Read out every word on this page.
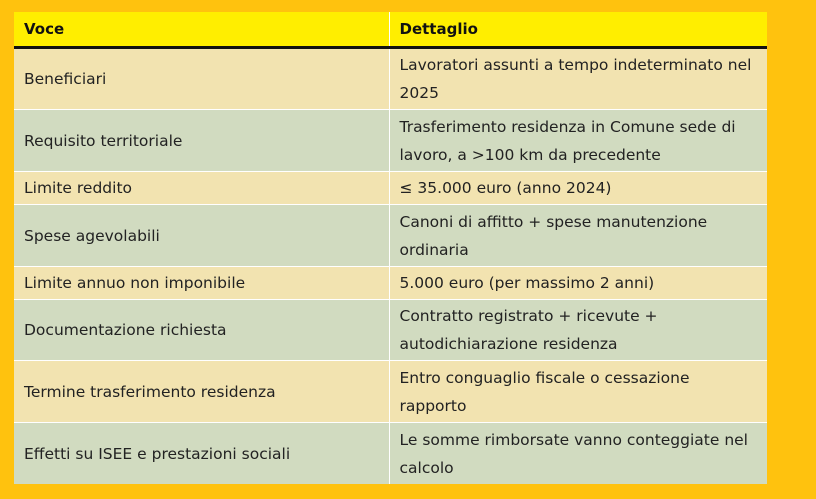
Voce	Dettaglio
Beneficiari	Lavoratori assunti a tempo indeterminato nel 2025
Requisito territoriale	Trasferimento residenza in Comune sede di lavoro, a >100 km da precedente
Limite reddito	≤ 35.000 euro (anno 2024)
Spese agevolabili	Canoni di affitto + spese manutenzione ordinaria
Limite annuo non imponibile	5.000 euro (per massimo 2 anni)
Documentazione richiesta	Contratto registrato + ricevute + autodichiarazione residenza
Termine trasferimento residenza	Entro conguaglio fiscale o cessazione rapporto
Effetti su ISEE e prestazioni sociali	Le somme rimborsate vanno conteggiate nel calcolo
